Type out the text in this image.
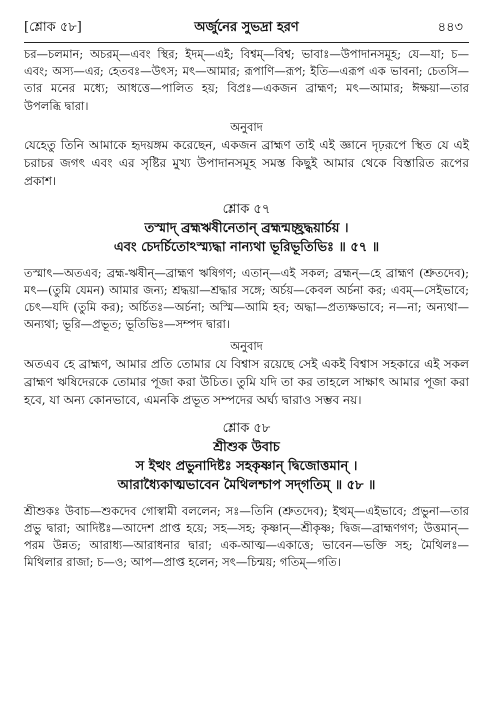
[শ্লোক ৫৮]	অর্জুনের সুভদ্রা হরণ	৪৪৩

চর—চলমান; অচরম্‌—এবং স্থির; ইদম্‌—এই; বিশ্বম্‌—বিশ্ব; ভাবাঃ—উপাদানসমূহ; যে—যা; চ—এবং; অস্য—এর; হেতবঃ—উৎস; মৎ—আমার; রূপাণি—রূপ; ইতি—এরূপ এক ভাবনা; চেতসি—তার মনের মধ্যে; আধত্তে—পালিত হয়; বিপ্রঃ—একজন ব্রাহ্মণ; মৎ—আমার; ঈক্ষয়া—তার উপলব্ধি দ্বারা।

অনুবাদ

যেহেতু তিনি আমাকে হৃদয়ঙ্গম করেছেন, একজন ব্রাহ্মণ তাই এই জ্ঞানে দৃঢ়রূপে স্থিত যে এই চরাচর জগৎ এবং এর সৃষ্টির মুখ্য উপাদানসমূহ সমস্ত কিছুই আমার থেকে বিস্তারিত রূপের প্রকাশ।

শ্লোক ৫৭
তস্মাদ্‌ ব্রহ্মঋষীনেতান্‌ ব্রহ্মন্মচ্ছ্রদ্ধয়ার্চয় ।
এবং চেদর্চিতোঽস্ম্যদ্ধা নান্যথা ভূরিভূতিভিঃ ॥ ৫৭ ॥

তস্মাৎ—অতএব; ব্রহ্ম-ঋষীন্‌—ব্রাহ্মণ ঋষিগণ; এতান্‌—এই সকল; ব্রহ্মন্‌—হে ব্রাহ্মণ (শ্রুতদেব); মৎ—(তুমি যেমন) আমার জন্য; শ্রদ্ধয়া—শ্রদ্ধার সঙ্গে; অর্চয়—কেবল অর্চনা কর; এবম্‌—সেইভাবে; চেৎ—যদি (তুমি কর); অর্চিতঃ—অর্চনা; অস্মি—আমি হব; অদ্ধা—প্রত্যক্ষভাবে; ন—না; অন্যথা—অন্যথা; ভূরি—প্রভূত; ভূতিভিঃ—সম্পদ দ্বারা।

অনুবাদ

অতএব হে ব্রাহ্মণ, আমার প্রতি তোমার যে বিশ্বাস রয়েছে সেই একই বিশ্বাস সহকারে এই সকল ব্রাহ্মণ ঋষিদেরকে তোমার পূজা করা উচিত। তুমি যদি তা কর তাহলে সাক্ষাৎ আমার পূজা করা হবে, যা অন্য কোনভাবে, এমনকি প্রভূত সম্পদের অর্ঘ্য দ্বারাও সম্ভব নয়।

শ্লোক ৫৮
শ্রীশুক উবাচ
স ইত্থং প্রভুনাদিষ্টঃ সহকৃষ্ণান্‌ দ্বিজোত্তমান্‌ ।
আরাধ্যৈকাত্মভাবেন মৈথিলশ্চাপ সদ্‌গতিম্‌ ॥ ৫৮ ॥

শ্রীশুকঃ উবাচ—শুকদেব গোস্বামী বললেন; সঃ—তিনি (শ্রুতদেব); ইত্থম্‌—এইভাবে; প্রভুনা—তার প্রভু দ্বারা; আদিষ্টঃ—আদেশ প্রাপ্ত হয়ে; সহ—সহ; কৃষ্ণান্‌—শ্রীকৃষ্ণ; দ্বিজ—ব্রাহ্মণগণ; উত্তমান্‌—পরম উন্নত; আরাধ্য—আরাধনার দ্বারা; এক-আত্ম—একাত্তে; ভাবেন—ভক্তি সহ; মৈথিলঃ—মিথিলার রাজা; চ—ও; আপ—প্রাপ্ত হলেন; সৎ—চিন্ময়; গতিম্‌—গতি।
